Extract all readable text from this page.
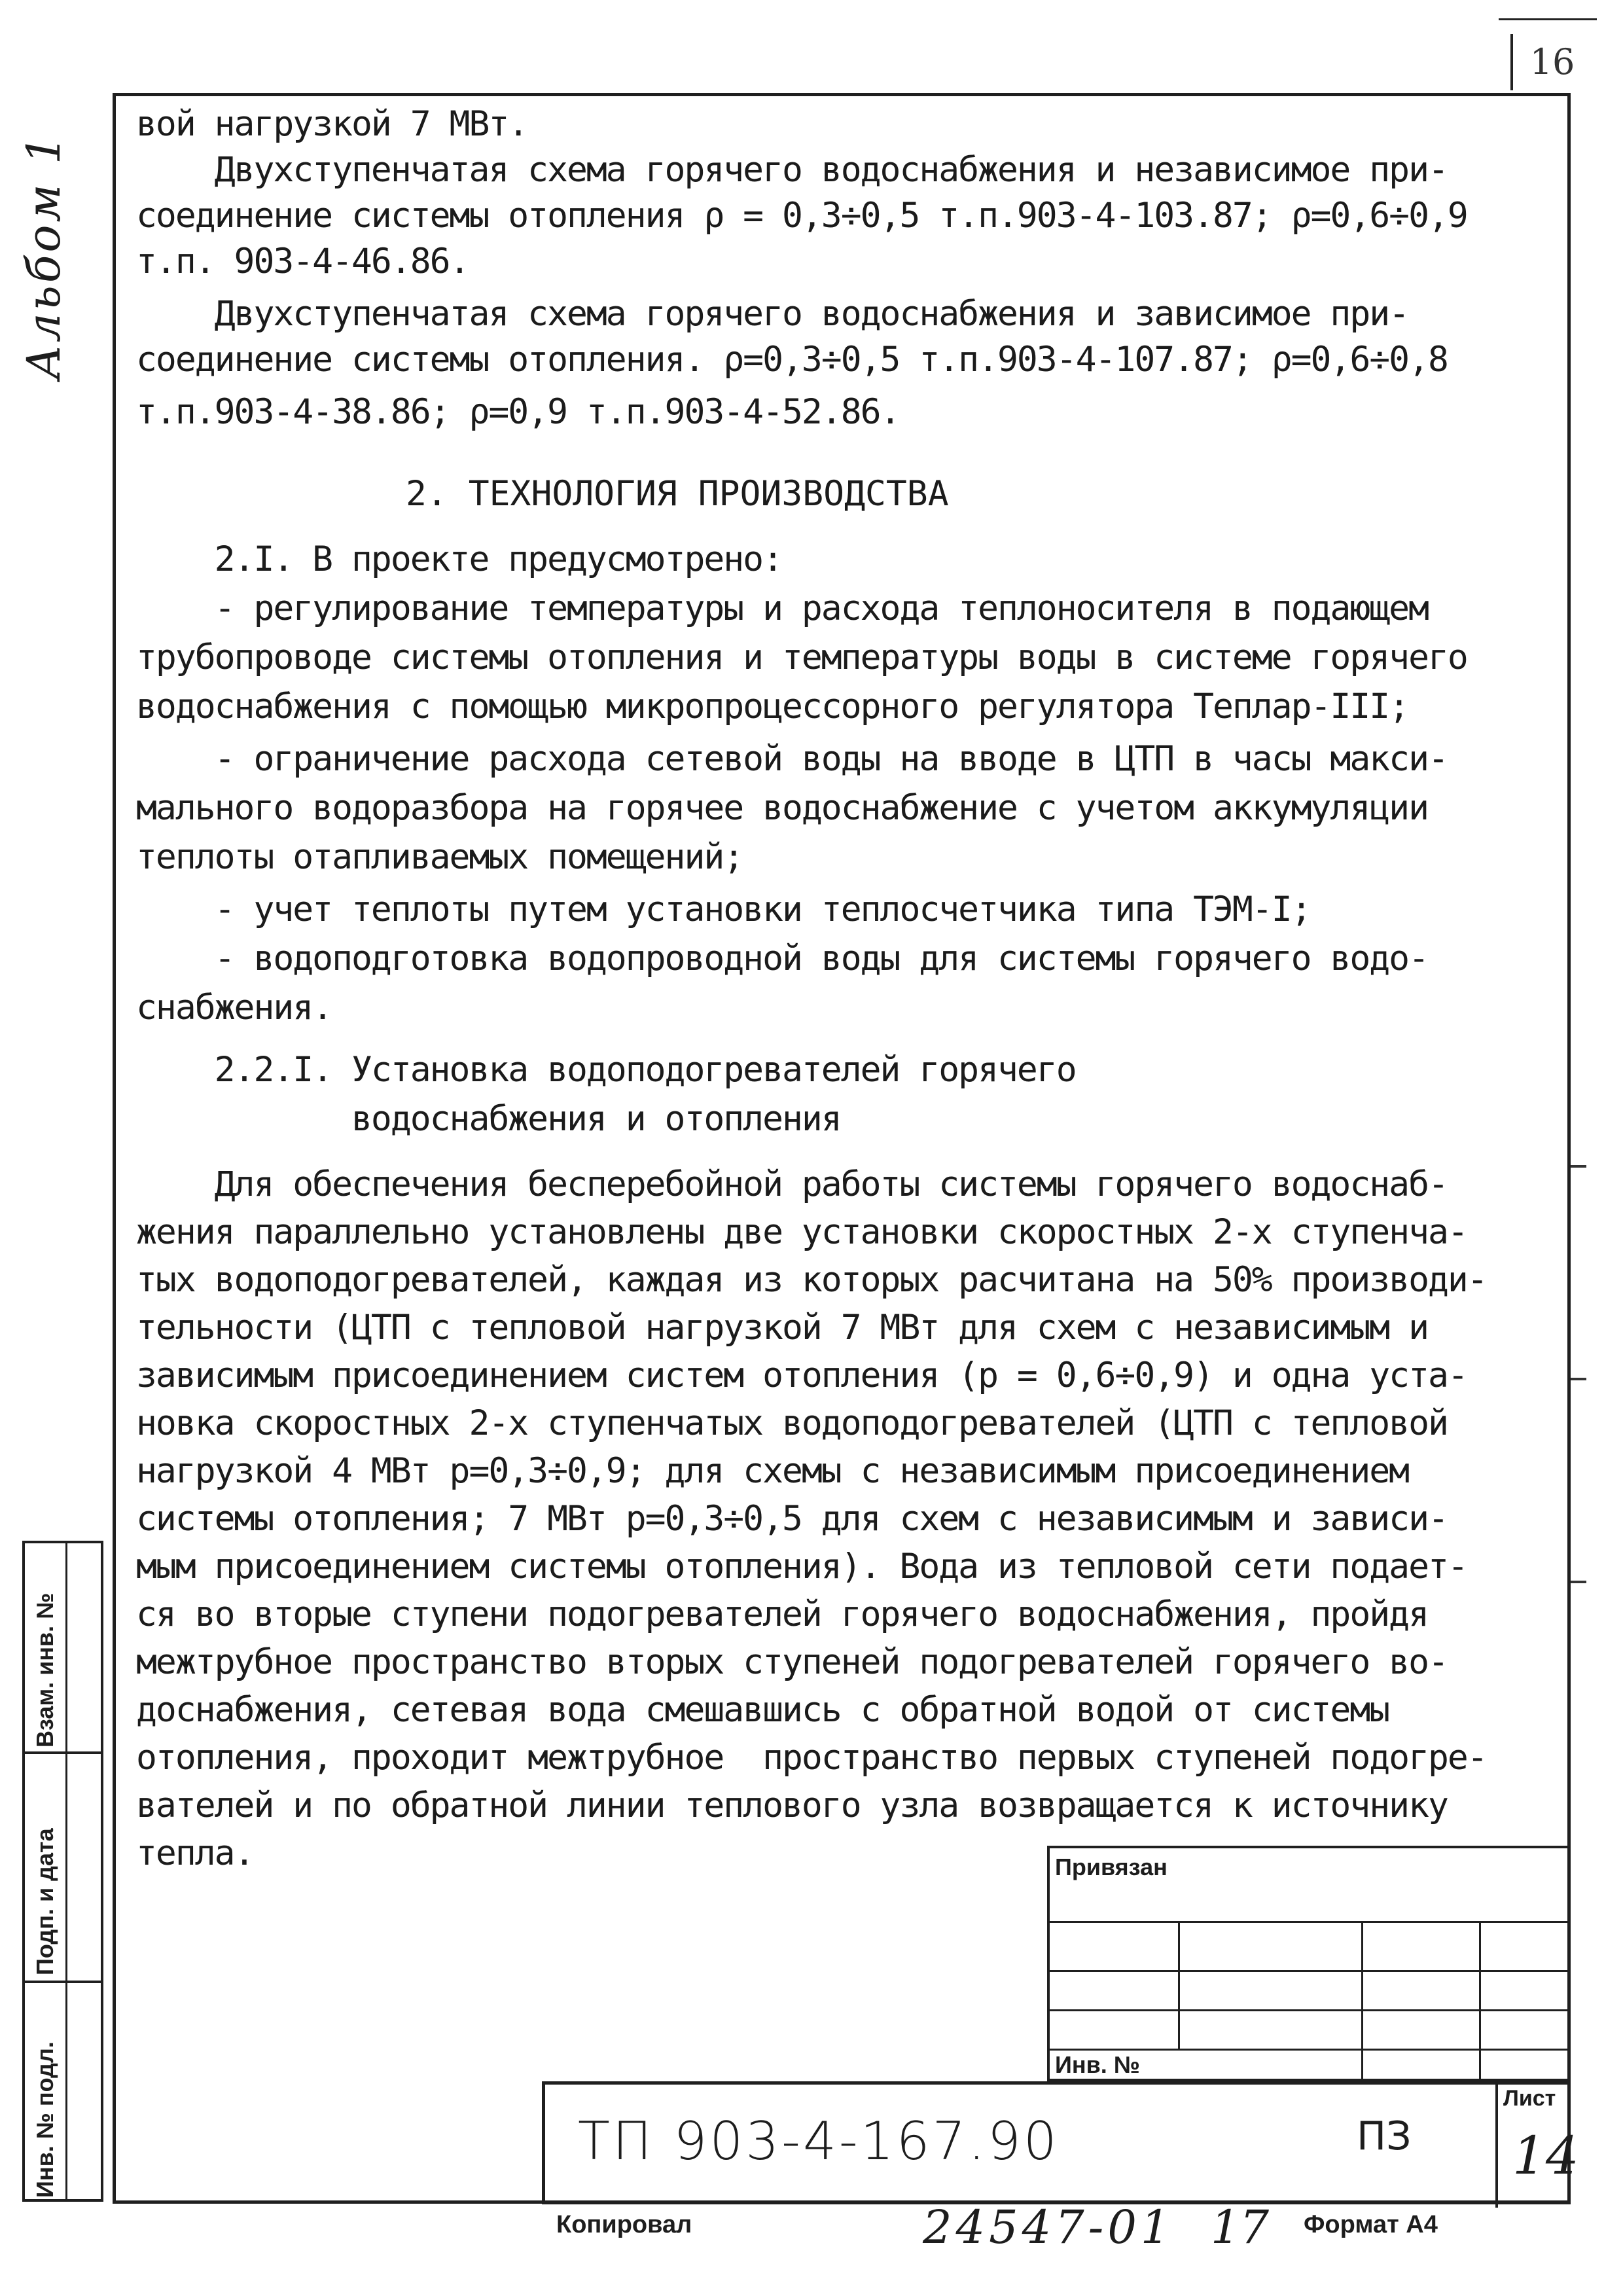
16
Альбом 1
вой нагрузкой 7 МВт.
Двухступенчатая схема горячего водоснабжения и независимое при-
соединение системы отопления ρ = 0,3÷0,5 т.п.903-4-103.87; ρ=0,6÷0,9
т.п. 903-4-46.86.
Двухступенчатая схема горячего водоснабжения и зависимое при-
соединение системы отопления. ρ=0,3÷0,5 т.п.903-4-107.87; ρ=0,6÷0,8
т.п.903-4-38.86; ρ=0,9 т.п.903-4-52.86.
2. ТЕХНОЛОГИЯ ПРОИЗВОДСТВА
2.I. В проекте предусмотрено:
- регулирование температуры и расхода теплоносителя в подающем
трубопроводе системы отопления и температуры воды в системе горячего
водоснабжения с помощью микропроцессорного регулятора Теплар-III;
- ограничение расхода сетевой воды на вводе в ЦТП в часы макси-
мального водоразбора на горячее водоснабжение с учетом аккумуляции
теплоты отапливаемых помещений;
- учет теплоты путем установки теплосчетчика типа ТЭМ-I;
- водоподготовка водопроводной воды для системы горячего водо-
снабжения.
2.2.I. Установка водоподогревателей горячего
водоснабжения и отопления
Для обеспечения бесперебойной работы системы горячего водоснаб-
жения параллельно установлены две установки скоростных 2-х ступенча-
тых водоподогревателей, каждая из которых расчитана на 50% производи-
тельности (ЦТП с тепловой нагрузкой 7 МВт для схем с независимым и
зависимым присоединением систем отопления (р = 0,6÷0,9) и одна уста-
новка скоростных 2-х ступенчатых водоподогревателей (ЦТП с тепловой
нагрузкой 4 МВт р=0,3÷0,9; для схемы с независимым присоединением
системы отопления; 7 МВт р=0,3÷0,5 для схем с независимым и зависи-
мым присоединением системы отопления). Вода из тепловой сети подает-
ся во вторые ступени подогревателей горячего водоснабжения, пройдя
межтрубное пространство вторых ступеней подогревателей горячего во-
доснабжения, сетевая вода смешавшись с обратной водой от системы
отопления, проходит межтрубное  пространство первых ступеней подогре-
вателей и по обратной линии теплового узла возвращается к источнику
тепла.
Взам. инв. №
Подп. и дата
Инв. № подл.
Привязан
Инв. №
ТП 903-4-167.90	ПЗ
Лист
14
Копировал	24547-01 17 Формат А4
